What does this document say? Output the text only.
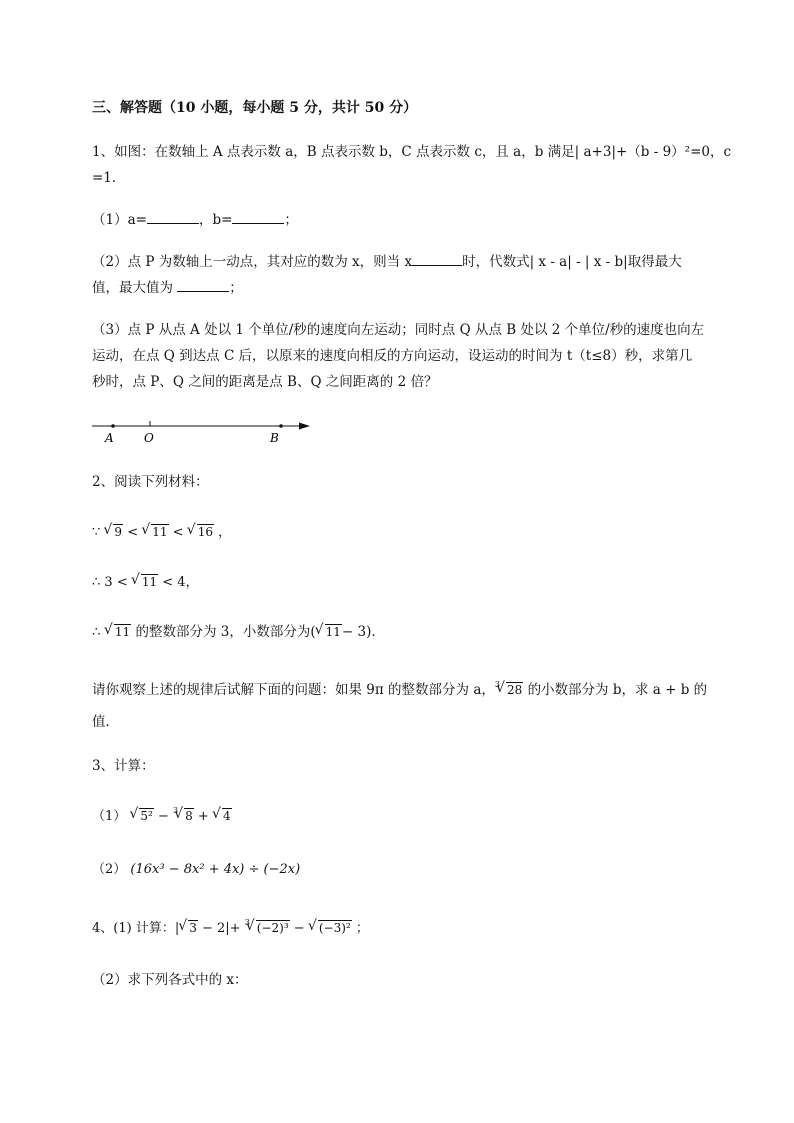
三、解答题（10 小题，每小题 5 分，共计 50 分）
1、如图：在数轴上 A 点表示数 a，B 点表示数 b，C 点表示数 c，且 a，b 满足| a+3|+（b - 9）²=0，c
=1．
（1）a=	，b=	；
（2）点 P 为数轴上一动点，其对应的数为 x，则当 x	时，代数式| x - a| - | x - b|取得最大
值，最大值为	；
（3）点 P 从点 A 处以 1 个单位/秒的速度向左运动；同时点 Q 从点 B 处以 2 个单位/秒的速度也向左
运动，在点 Q 到达点 C 后，以原来的速度向相反的方向运动，设运动的时间为 t（t≤8）秒，求第几
秒时，点 P、Q 之间的距离是点 B、Q 之间距离的 2 倍？
A	O	B
2、阅读下列材料：
∵ √ 9 < √ 11 < √ 16 ，
∴ 3 < √ 11 < 4，
∴ √ 11 的整数部分为 3，小数部分为( √ 11− 3)．
请你观察上述的规律后试解下面的问题：如果 9π 的整数部分为 a，$^3$ √ 28 的小数部分为 b，求 a + b 的
值．
3、计算：
（1） √ 5² − $^3$ √ 8 + √ 4
（2） (16x³ − 8x² + 4x) ÷ (−2x)
4、(1) 计算：| √ 3 − 2|+ $^3$ √ (−2)³ − √ (−3)² ；
（2）求下列各式中的 x：
